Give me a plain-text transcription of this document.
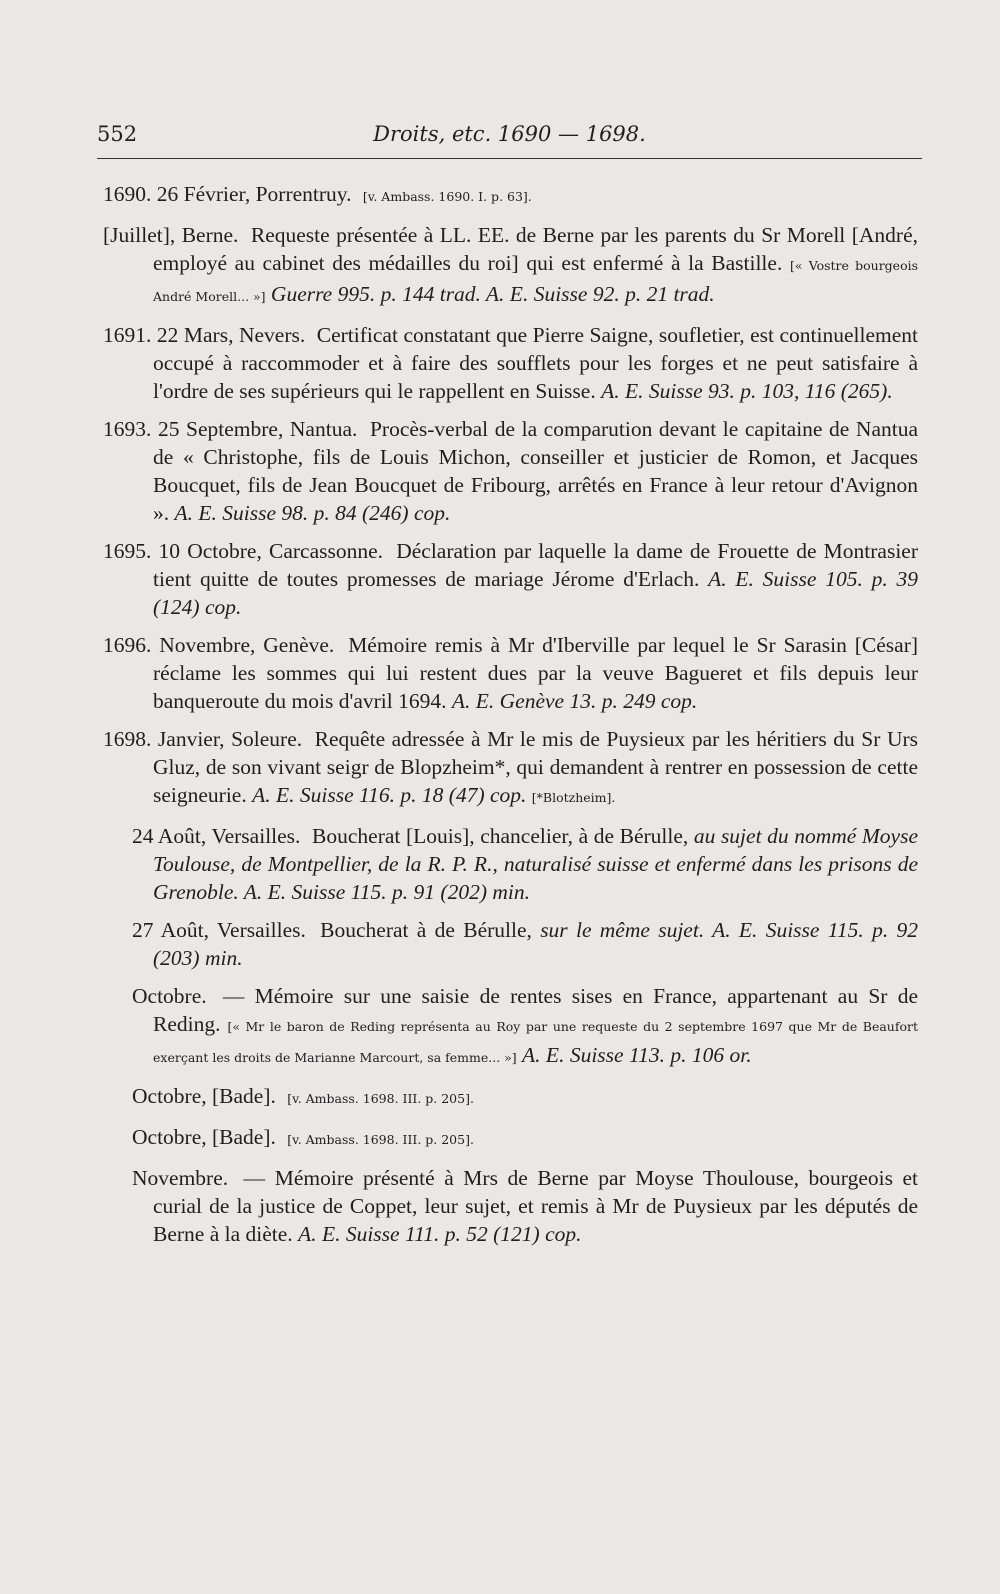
552	Droits, etc. 1690 — 1698.
1690. 26 Février, Porrentruy. [v. Ambass. 1690. I. p. 63].
[Juillet], Berne. Requeste présentée à LL. EE. de Berne par les parents du Sr Morell [André, employé au cabinet des médailles du roi] qui est enfermé à la Bastille. [« Vostre bourgeois André Morell... »] Guerre 995. p. 144 trad. A. E. Suisse 92. p. 21 trad.
1691. 22 Mars, Nevers. Certificat constatant que Pierre Saigne, soufletier, est continuellement occupé à raccommoder et à faire des soufflets pour les forges et ne peut satisfaire à l'ordre de ses supérieurs qui le rappellent en Suisse. A. E. Suisse 93. p. 103, 116 (265).
1693. 25 Septembre, Nantua. Procès-verbal de la comparution devant le capitaine de Nantua de « Christophe, fils de Louis Michon, conseiller et justicier de Romon, et Jacques Boucquet, fils de Jean Boucquet de Fribourg, arrêtés en France à leur retour d'Avignon ». A. E. Suisse 98. p. 84 (246) cop.
1695. 10 Octobre, Carcassonne. Déclaration par laquelle la dame de Frouette de Montrasier tient quitte de toutes promesses de mariage Jérome d'Erlach. A. E. Suisse 105. p. 39 (124) cop.
1696. Novembre, Genève. Mémoire remis à Mr d'Iberville par lequel le Sr Sarasin [César] réclame les sommes qui lui restent dues par la veuve Bagueret et fils depuis leur banqueroute du mois d'avril 1694. A. E. Genève 13. p. 249 cop.
1698. Janvier, Soleure. Requête adressée à Mr le mis de Puysieux par les héritiers du Sr Urs Gluz, de son vivant seigr de Blopzheim*, qui demandent à rentrer en possession de cette seigneurie. A. E. Suisse 116. p. 18 (47) cop. [*Blotzheim].
24 Août, Versailles. Boucherat [Louis], chancelier, à de Bérulle, au sujet du nommé Moyse Toulouse, de Montpellier, de la R. P. R., naturalisé suisse et enfermé dans les prisons de Grenoble. A. E. Suisse 115. p. 91 (202) min.
27 Août, Versailles. Boucherat à de Bérulle, sur le même sujet. A. E. Suisse 115. p. 92 (203) min.
Octobre. — Mémoire sur une saisie de rentes sises en France, appartenant au Sr de Reding. [« Mr le baron de Reding représenta au Roy par une requeste du 2 septembre 1697 que Mr de Beaufort exerçant les droits de Marianne Marcourt, sa femme... »] A. E. Suisse 113. p. 106 or.
Octobre, [Bade]. [v. Ambass. 1698. III. p. 205].
Octobre, [Bade]. [v. Ambass. 1698. III. p. 205].
Novembre. — Mémoire présenté à Mrs de Berne par Moyse Thoulouse, bourgeois et curial de la justice de Coppet, leur sujet, et remis à Mr de Puysieux par les députés de Berne à la diète. A. E. Suisse 111. p. 52 (121) cop.
